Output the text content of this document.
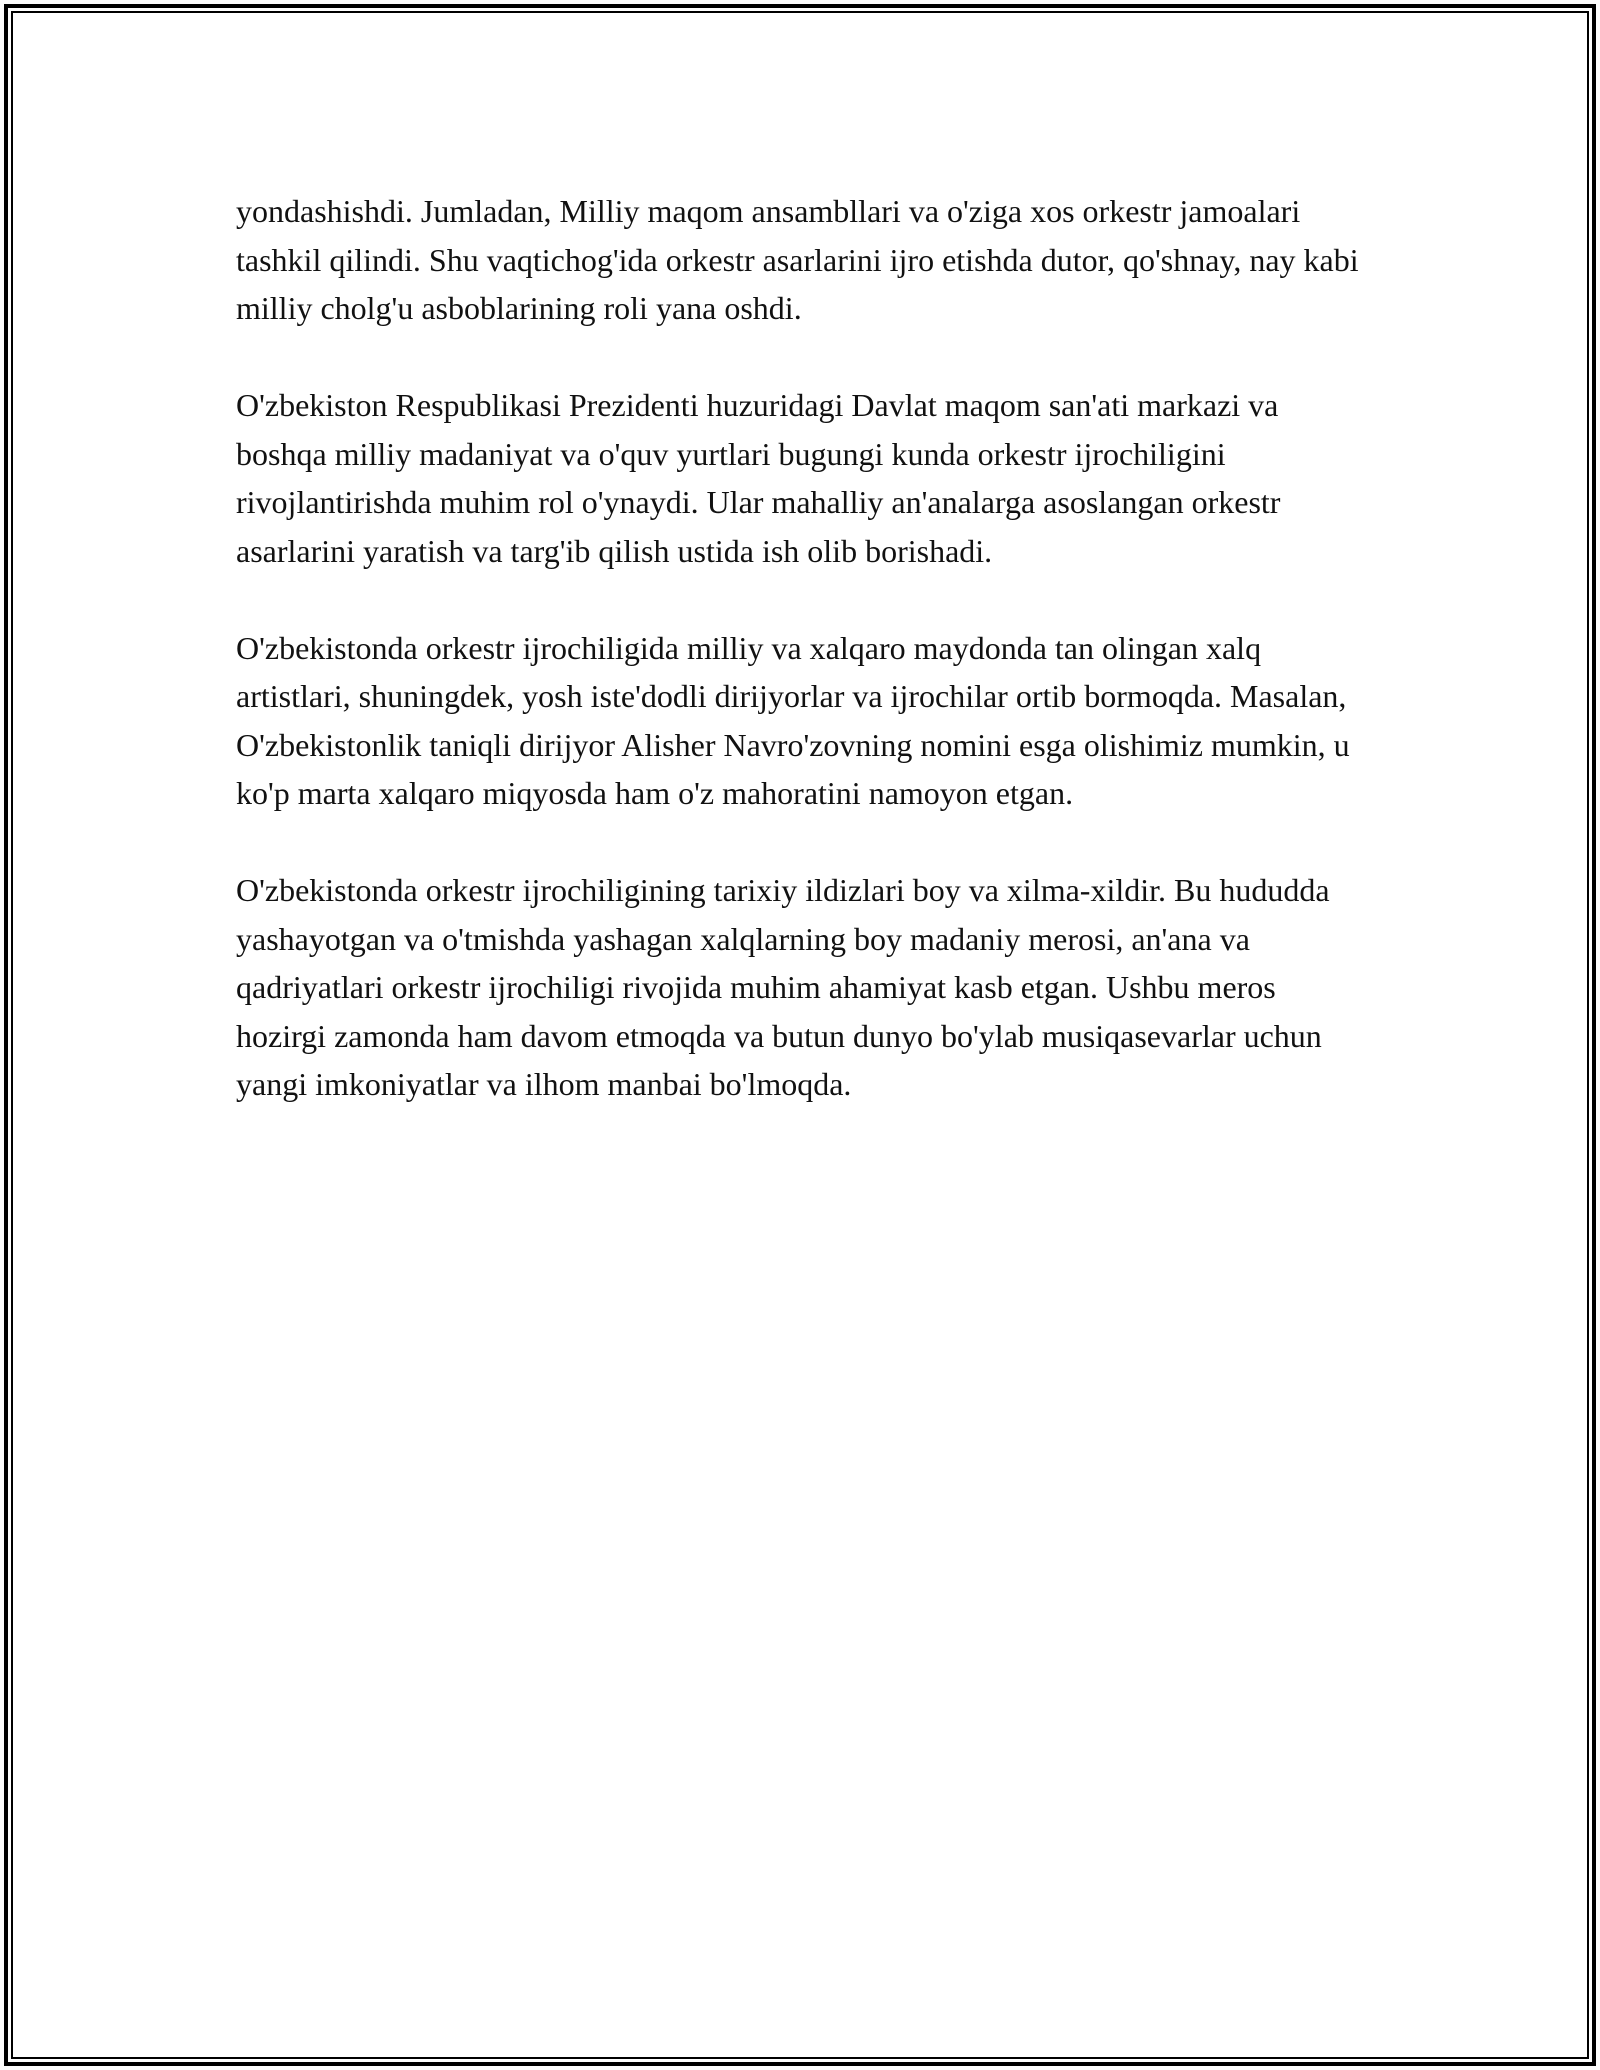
yondashishdi. Jumladan, Milliy maqom ansambllari va o'ziga xos orkestr jamoalari tashkil qilindi. Shu vaqtichog'ida orkestr asarlarini ijro etishda dutor, qo'shnay, nay kabi milliy cholg'u asboblarining roli yana oshdi.

O'zbekiston Respublikasi Prezidenti huzuridagi Davlat maqom san'ati markazi va boshqa milliy madaniyat va o'quv yurtlari bugungi kunda orkestr ijrochiligini rivojlantirishda muhim rol o'ynaydi. Ular mahalliy an'analarga asoslangan orkestr asarlarini yaratish va targ'ib qilish ustida ish olib borishadi.

O'zbekistonda orkestr ijrochiligida milliy va xalqaro maydonda tan olingan xalq artistlari, shuningdek, yosh iste'dodli dirijyorlar va ijrochilar ortib bormoqda. Masalan, O'zbekistonlik taniqli dirijyor Alisher Navro'zovning nomini esga olishimiz mumkin, u ko'p marta xalqaro miqyosda ham o'z mahoratini namoyon etgan.

O'zbekistonda orkestr ijrochiligining tarixiy ildizlari boy va xilma-xildir. Bu hududda yashayotgan va o'tmishda yashagan xalqlarning boy madaniy merosi, an'ana va qadriyatlari orkestr ijrochiligi rivojida muhim ahamiyat kasb etgan. Ushbu meros hozirgi zamonda ham davom etmoqda va butun dunyo bo'ylab musiqasevarlar uchun yangi imkoniyatlar va ilhom manbai bo'lmoqda.
